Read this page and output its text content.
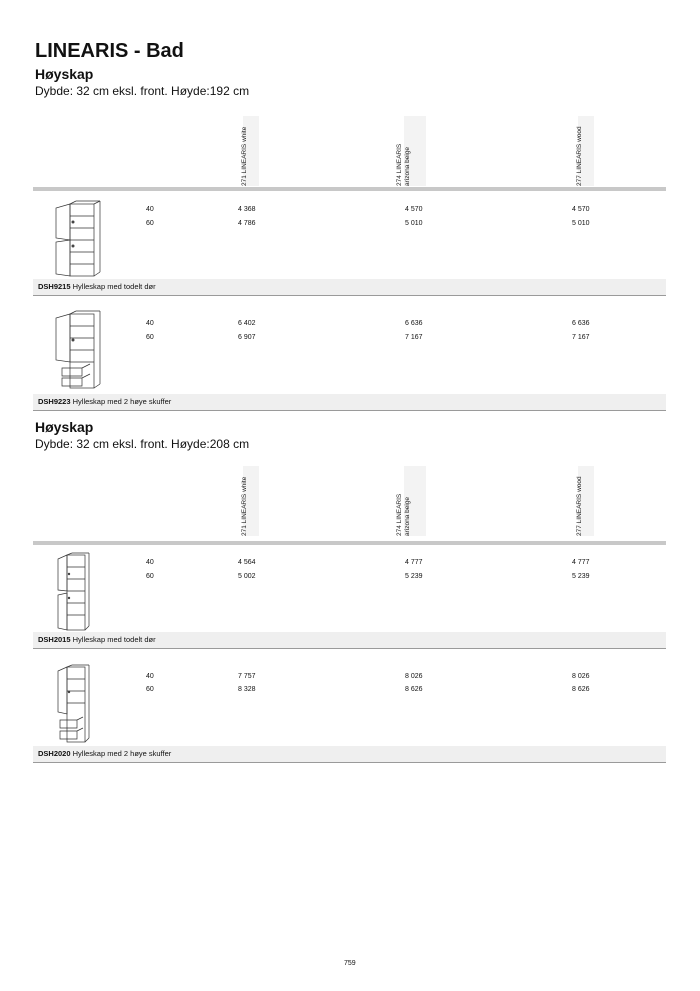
LINEARIS - Bad
Høyskap
Dybde: 32 cm eksl. front. Høyde:192 cm
271 LINEARIS white	274 LINEARIS
arizona beige	277 LINEARIS wood
40	4 368	4 570	4 570
60	4 786	5 010	5 010
DSH9215 Hylleskap med todelt dør
40	6 402	6 636	6 636
60	6 907	7 167	7 167
DSH9223 Hylleskap med 2 høye skuffer
Høyskap
Dybde: 32 cm eksl. front. Høyde:208 cm
271 LINEARIS white	274 LINEARIS
arizona beige	277 LINEARIS wood
40	4 564	4 777	4 777
60	5 002	5 239	5 239
DSH2015 Hylleskap med todelt dør
40	7 757	8 026	8 026
60	8 328	8 626	8 626
DSH2020 Hylleskap med 2 høye skuffer
759
